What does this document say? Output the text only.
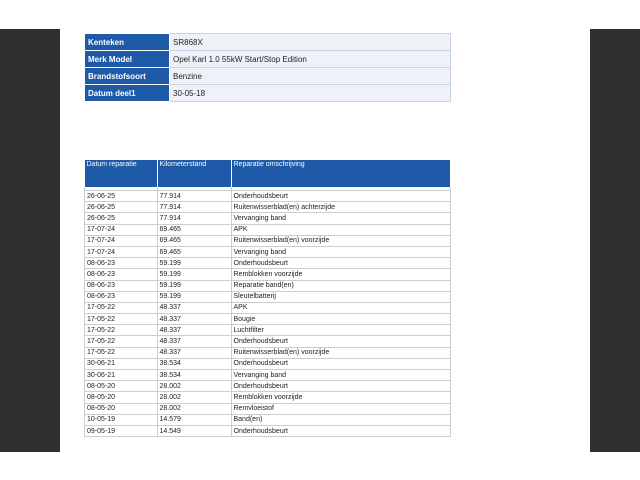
Kenteken	SR868X
Merk Model	Opel Karl 1.0 55kW Start/Stop Edition
Brandstofsoort	Benzine
Datum deel1	30-05-18
Datum reparatie	Kilometerstand	Reparatie omschrijving

26-06-25	77.914	Onderhoudsbeurt
26-06-25	77.914	Ruitenwisserblad(en) achterzijde
26-06-25	77.914	Vervanging band
17-07-24	69.465	APK
17-07-24	69.465	Ruitenwisserblad(en) voorzijde
17-07-24	69.465	Vervanging band
08-06-23	59.199	Onderhoudsbeurt
08-06-23	59.199	Remblokken voorzijde
08-06-23	59.199	Reparatie band(en)
08-06-23	59.199	Sleutelbatterij
17-05-22	48.337	APK
17-05-22	48.337	Bougie
17-05-22	48.337	Luchtfilter
17-05-22	48.337	Onderhoudsbeurt
17-05-22	48.337	Ruitenwisserblad(en) voorzijde
30-06-21	38.534	Onderhoudsbeurt
30-06-21	38.534	Vervanging band
08-05-20	28.002	Onderhoudsbeurt
08-05-20	28.002	Remblokken voorzijde
08-05-20	28.002	Remvloeistof
10-05-19	14.579	Band(en)
09-05-19	14.549	Onderhoudsbeurt
